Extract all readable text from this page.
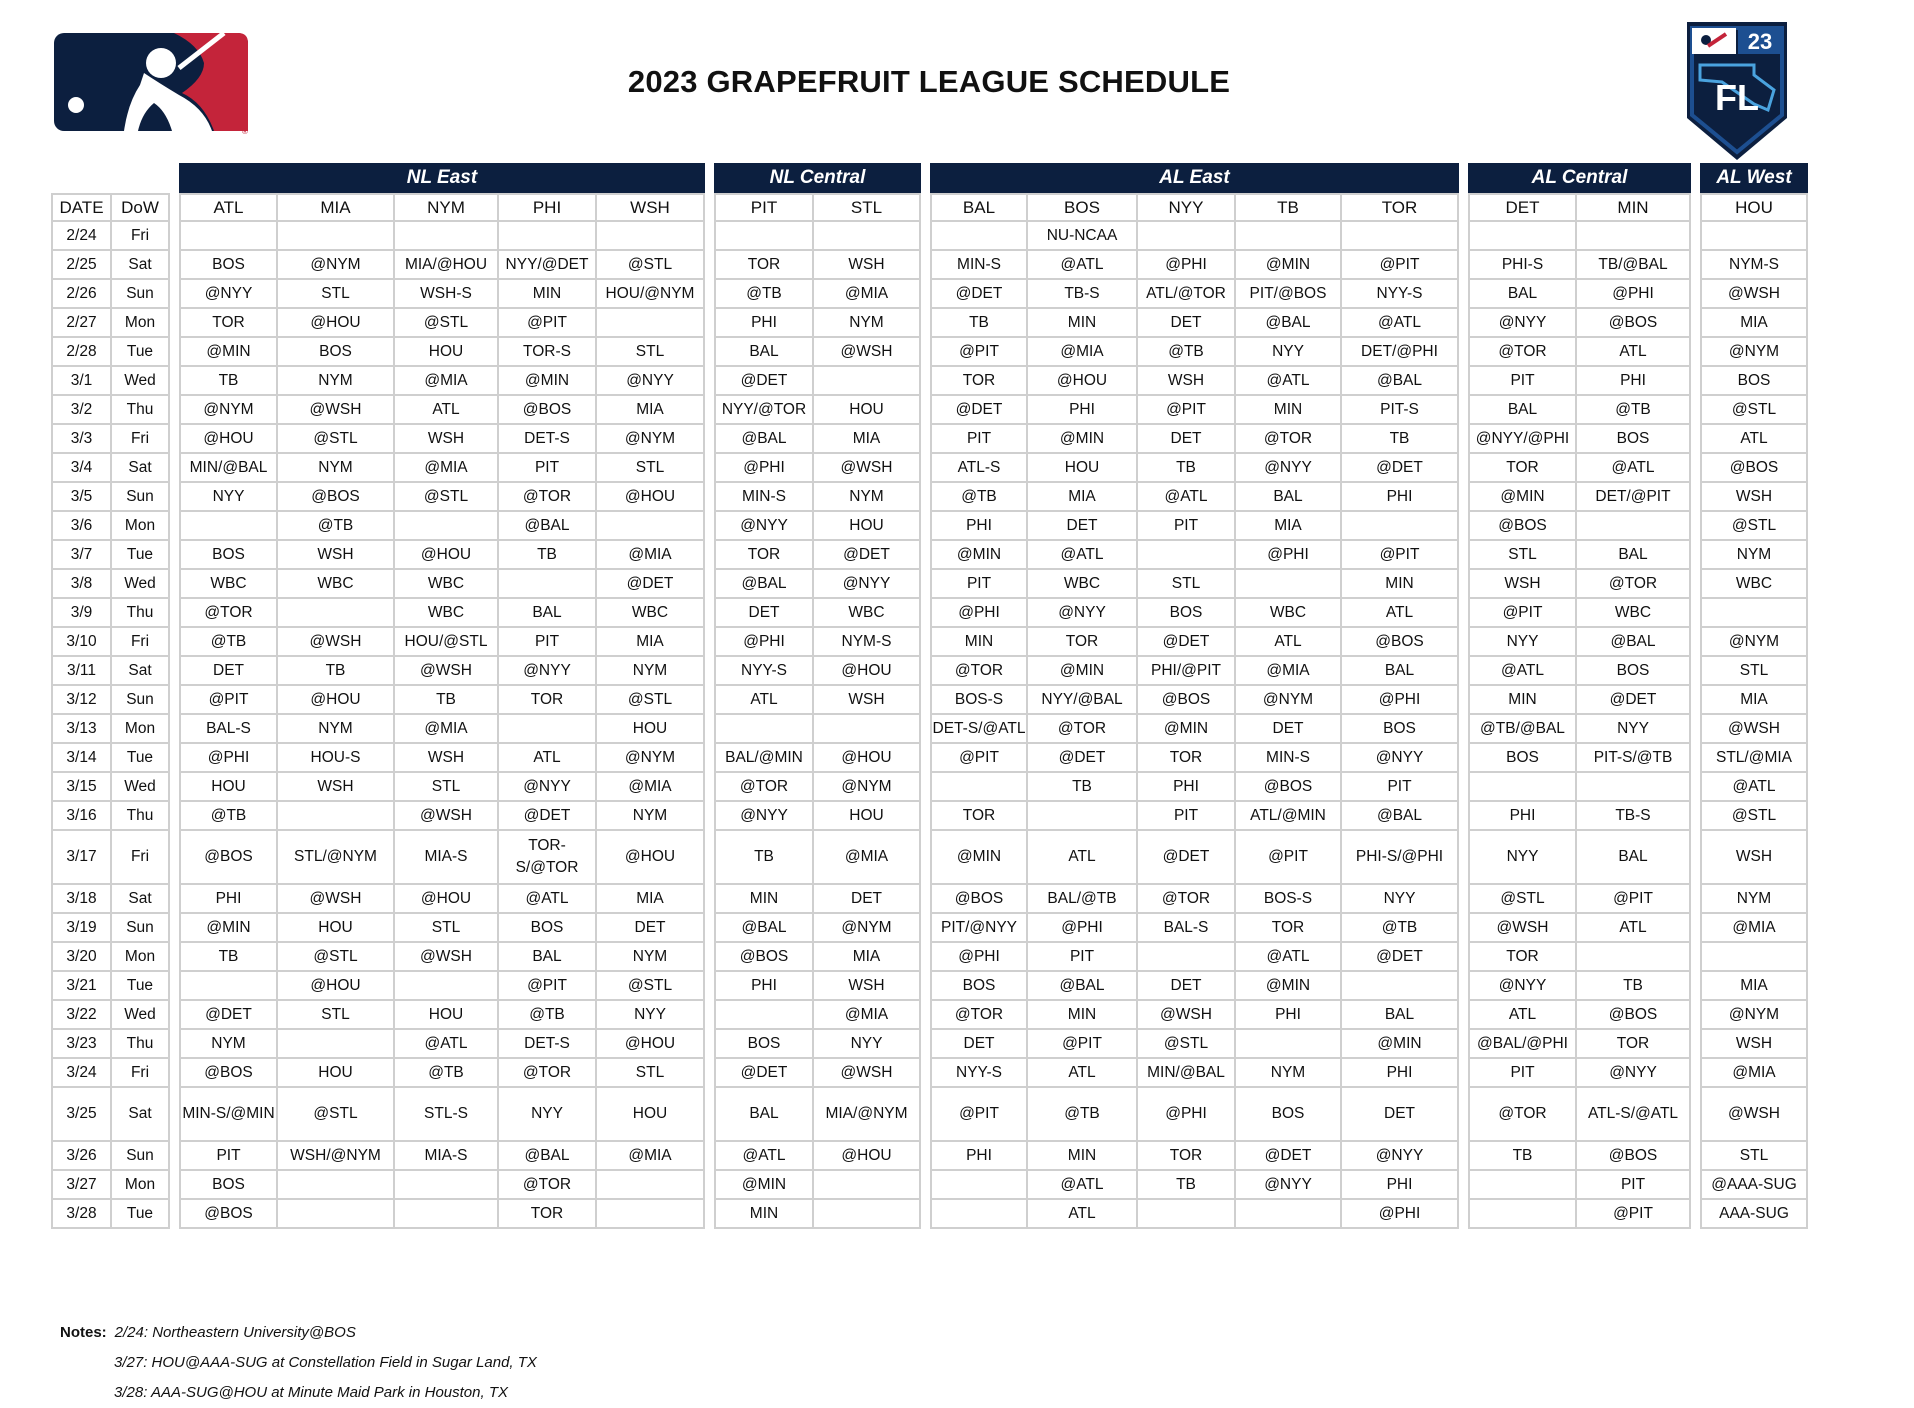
®
23
FL
2023 GRAPEFRUIT LEAGUE SCHEDULE
			NL East						NL Central			AL East						AL Central			AL West
DATE	DoW		ATL	MIA	NYM	PHI	WSH		PIT	STL		BAL	BOS	NYY	TB	TOR		DET	MIN		HOU
2/24	Fri												NU-NCAA								
2/25	Sat		BOS	@NYM	MIA/@HOU	NYY/@DET	@STL		TOR	WSH		MIN-S	@ATL	@PHI	@MIN	@PIT		PHI-S	TB/@BAL		NYM-S
2/26	Sun		@NYY	STL	WSH-S	MIN	HOU/@NYM		@TB	@MIA		@DET	TB-S	ATL/@TOR	PIT/@BOS	NYY-S		BAL	@PHI		@WSH
2/27	Mon		TOR	@HOU	@STL	@PIT			PHI	NYM		TB	MIN	DET	@BAL	@ATL		@NYY	@BOS		MIA
2/28	Tue		@MIN	BOS	HOU	TOR-S	STL		BAL	@WSH		@PIT	@MIA	@TB	NYY	DET/@PHI		@TOR	ATL		@NYM
3/1	Wed		TB	NYM	@MIA	@MIN	@NYY		@DET			TOR	@HOU	WSH	@ATL	@BAL		PIT	PHI		BOS
3/2	Thu		@NYM	@WSH	ATL	@BOS	MIA		NYY/@TOR	HOU		@DET	PHI	@PIT	MIN	PIT-S		BAL	@TB		@STL
3/3	Fri		@HOU	@STL	WSH	DET-S	@NYM		@BAL	MIA		PIT	@MIN	DET	@TOR	TB		@NYY/@PHI	BOS		ATL
3/4	Sat		MIN/@BAL	NYM	@MIA	PIT	STL		@PHI	@WSH		ATL-S	HOU	TB	@NYY	@DET		TOR	@ATL		@BOS
3/5	Sun		NYY	@BOS	@STL	@TOR	@HOU		MIN-S	NYM		@TB	MIA	@ATL	BAL	PHI		@MIN	DET/@PIT		WSH
3/6	Mon			@TB		@BAL			@NYY	HOU		PHI	DET	PIT	MIA			@BOS			@STL
3/7	Tue		BOS	WSH	@HOU	TB	@MIA		TOR	@DET		@MIN	@ATL		@PHI	@PIT		STL	BAL		NYM
3/8	Wed		WBC	WBC	WBC		@DET		@BAL	@NYY		PIT	WBC	STL		MIN		WSH	@TOR		WBC
3/9	Thu		@TOR		WBC	BAL	WBC		DET	WBC		@PHI	@NYY	BOS	WBC	ATL		@PIT	WBC		
3/10	Fri		@TB	@WSH	HOU/@STL	PIT	MIA		@PHI	NYM-S		MIN	TOR	@DET	ATL	@BOS		NYY	@BAL		@NYM
3/11	Sat		DET	TB	@WSH	@NYY	NYM		NYY-S	@HOU		@TOR	@MIN	PHI/@PIT	@MIA	BAL		@ATL	BOS		STL
3/12	Sun		@PIT	@HOU	TB	TOR	@STL		ATL	WSH		BOS-S	NYY/@BAL	@BOS	@NYM	@PHI		MIN	@DET		MIA
3/13	Mon		BAL-S	NYM	@MIA		HOU					DET-S/@ATL	@TOR	@MIN	DET	BOS		@TB/@BAL	NYY		@WSH
3/14	Tue		@PHI	HOU-S	WSH	ATL	@NYM		BAL/@MIN	@HOU		@PIT	@DET	TOR	MIN-S	@NYY		BOS	PIT-S/@TB		STL/@MIA
3/15	Wed		HOU	WSH	STL	@NYY	@MIA		@TOR	@NYM			TB	PHI	@BOS	PIT					@ATL
3/16	Thu		@TB		@WSH	@DET	NYM		@NYY	HOU		TOR		PIT	ATL/@MIN	@BAL		PHI	TB-S		@STL
3/17	Fri		@BOS	STL/@NYM	MIA-S	TOR-S/@TOR	@HOU		TB	@MIA		@MIN	ATL	@DET	@PIT	PHI-S/@PHI		NYY	BAL		WSH
3/18	Sat		PHI	@WSH	@HOU	@ATL	MIA		MIN	DET		@BOS	BAL/@TB	@TOR	BOS-S	NYY		@STL	@PIT		NYM
3/19	Sun		@MIN	HOU	STL	BOS	DET		@BAL	@NYM		PIT/@NYY	@PHI	BAL-S	TOR	@TB		@WSH	ATL		@MIA
3/20	Mon		TB	@STL	@WSH	BAL	NYM		@BOS	MIA		@PHI	PIT		@ATL	@DET		TOR			
3/21	Tue			@HOU		@PIT	@STL		PHI	WSH		BOS	@BAL	DET	@MIN			@NYY	TB		MIA
3/22	Wed		@DET	STL	HOU	@TB	NYY			@MIA		@TOR	MIN	@WSH	PHI	BAL		ATL	@BOS		@NYM
3/23	Thu		NYM		@ATL	DET-S	@HOU		BOS	NYY		DET	@PIT	@STL		@MIN		@BAL/@PHI	TOR		WSH
3/24	Fri		@BOS	HOU	@TB	@TOR	STL		@DET	@WSH		NYY-S	ATL	MIN/@BAL	NYM	PHI		PIT	@NYY		@MIA
3/25	Sat		MIN-S/@MIN	@STL	STL-S	NYY	HOU		BAL	MIA/@NYM		@PIT	@TB	@PHI	BOS	DET		@TOR	ATL-S/@ATL		@WSH
3/26	Sun		PIT	WSH/@NYM	MIA-S	@BAL	@MIA		@ATL	@HOU		PHI	MIN	TOR	@DET	@NYY		TB	@BOS		STL
3/27	Mon		BOS			@TOR			@MIN				@ATL	TB	@NYY	PHI			PIT		@AAA-SUG
3/28	Tue		@BOS			TOR			MIN				ATL			@PHI			@PIT		AAA-SUG
Notes: 2/24: Northeastern University@BOS
3/27: HOU@AAA-SUG at Constellation Field in Sugar Land, TX
3/28: AAA-SUG@HOU at Minute Maid Park in Houston, TX
